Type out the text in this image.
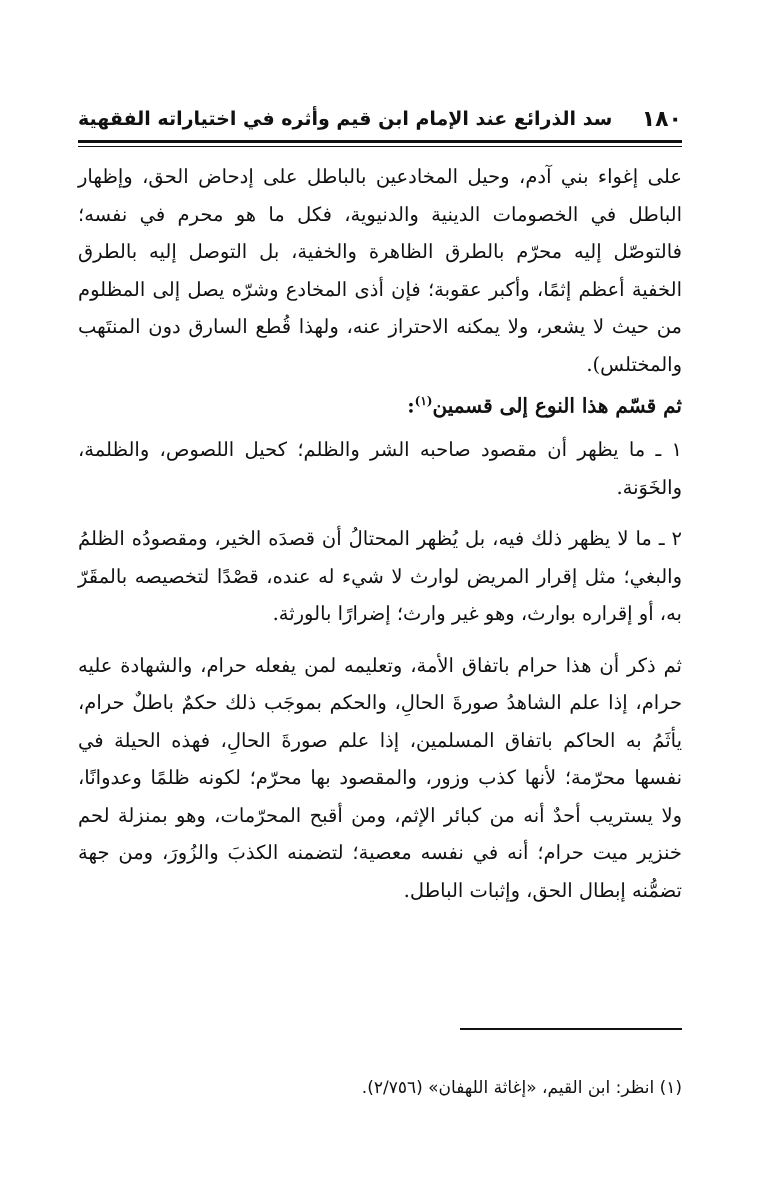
١٨٠
سد الذرائع عند الإمام ابن قيم وأثره في اختياراته الفقهية

على إغواء بني آدم، وحيل المخادعين بالباطل على إدحاض الحق، وإظهار الباطل في الخصومات الدينية والدنيوية، فكل ما هو محرم في نفسه؛ فالتوصّل إليه محرّم بالطرق الظاهرة والخفية، بل التوصل إليه بالطرق الخفية أعظم إثمًا، وأكبر عقوبة؛ فإن أذى المخادع وشرّه يصل إلى المظلوم من حيث لا يشعر، ولا يمكنه الاحتراز عنه، ولهذا قُطع السارق دون المنتَهب والمختلس).

ثم قسّم هذا النوع إلى قسمين$^{(١)}$:

١ ـ ما يظهر أن مقصود صاحبه الشر والظلم؛ كحيل اللصوص، والظلمة، والخَوَنة.

٢ ـ ما لا يظهر ذلك فيه، بل يُظهر المحتالُ أن قصدَه الخير، ومقصودُه الظلمُ والبغي؛ مثل إقرار المريض لوارث لا شيء له عنده، قصْدًا لتخصيصه بالمقَرّ به، أو إقراره بوارث، وهو غير وارث؛ إضرارًا بالورثة.

ثم ذكر أن هذا حرام باتفاق الأمة، وتعليمه لمن يفعله حرام، والشهادة عليه حرام، إذا علم الشاهدُ صورةَ الحالِ، والحكم بموجَب ذلك حكمٌ باطلٌ حرام، يأثَمُ به الحاكم باتفاق المسلمين، إذا علم صورةَ الحالِ، فهذه الحيلة في نفسها محرّمة؛ لأنها كذب وزور، والمقصود بها محرّم؛ لكونه ظلمًا وعدوانًا، ولا يستريب أحدٌ أنه من كبائر الإثم، ومن أقبح المحرّمات، وهو بمنزلة لحم خنزير ميت حرام؛ أنه في نفسه معصية؛ لتضمنه الكذبَ والزُورَ، ومن جهة تضمُّنه إبطال الحق، وإثبات الباطل.

(١) انظر: ابن القيم، «إغاثة اللهفان» (٢/٧٥٦).
